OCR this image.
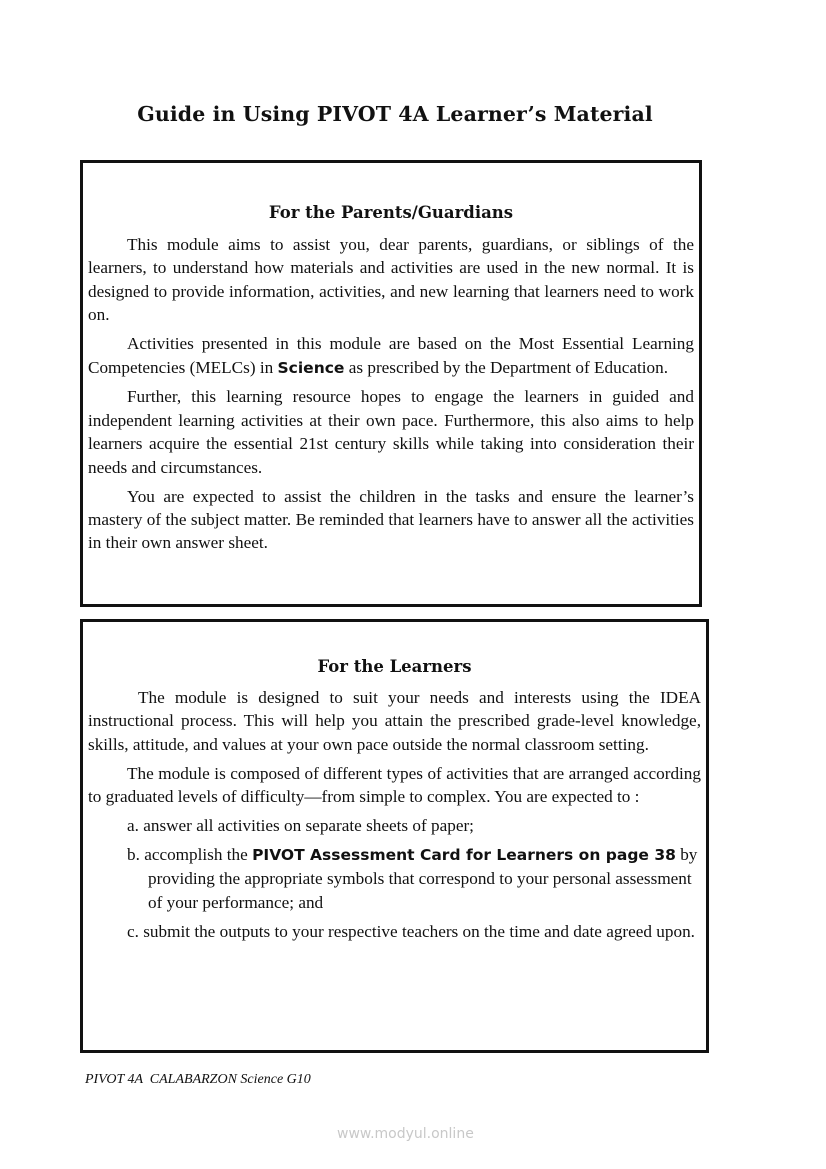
Guide in Using PIVOT 4A Learner’s Material
For the Parents/Guardians

This module aims to assist you, dear parents, guardians, or siblings of the learners, to understand how materials and activities are used in the new normal. It is designed to provide information, activities, and new learning that learners need to work on.

Activities presented in this module are based on the Most Essential Learning Competencies (MELCs) in Science as prescribed by the Department of Education.

Further, this learning resource hopes to engage the learners in guided and independent learning activities at their own pace. Furthermore, this also aims to help learners acquire the essential 21st century skills while taking into consideration their needs and circumstances.

You are expected to assist the children in the tasks and ensure the learner’s mastery of the subject matter. Be reminded that learners have to answer all the activities in their own answer sheet.

For the Learners

The module is designed to suit your needs and interests using the IDEA instructional process. This will help you attain the prescribed grade-level knowledge, skills, attitude, and values at your own pace outside the normal classroom setting.

The module is composed of different types of activities that are arranged according to graduated levels of difficulty—from simple to complex. You are expected to :

a. answer all activities on separate sheets of paper;

b. accomplish the PIVOT Assessment Card for Learners on page 38 by providing the appropriate symbols that correspond to your personal assessment of your performance; and

c. submit the outputs to your respective teachers on the time and date agreed upon.

PIVOT 4A  CALABARZON Science G10
www.modyul.online
